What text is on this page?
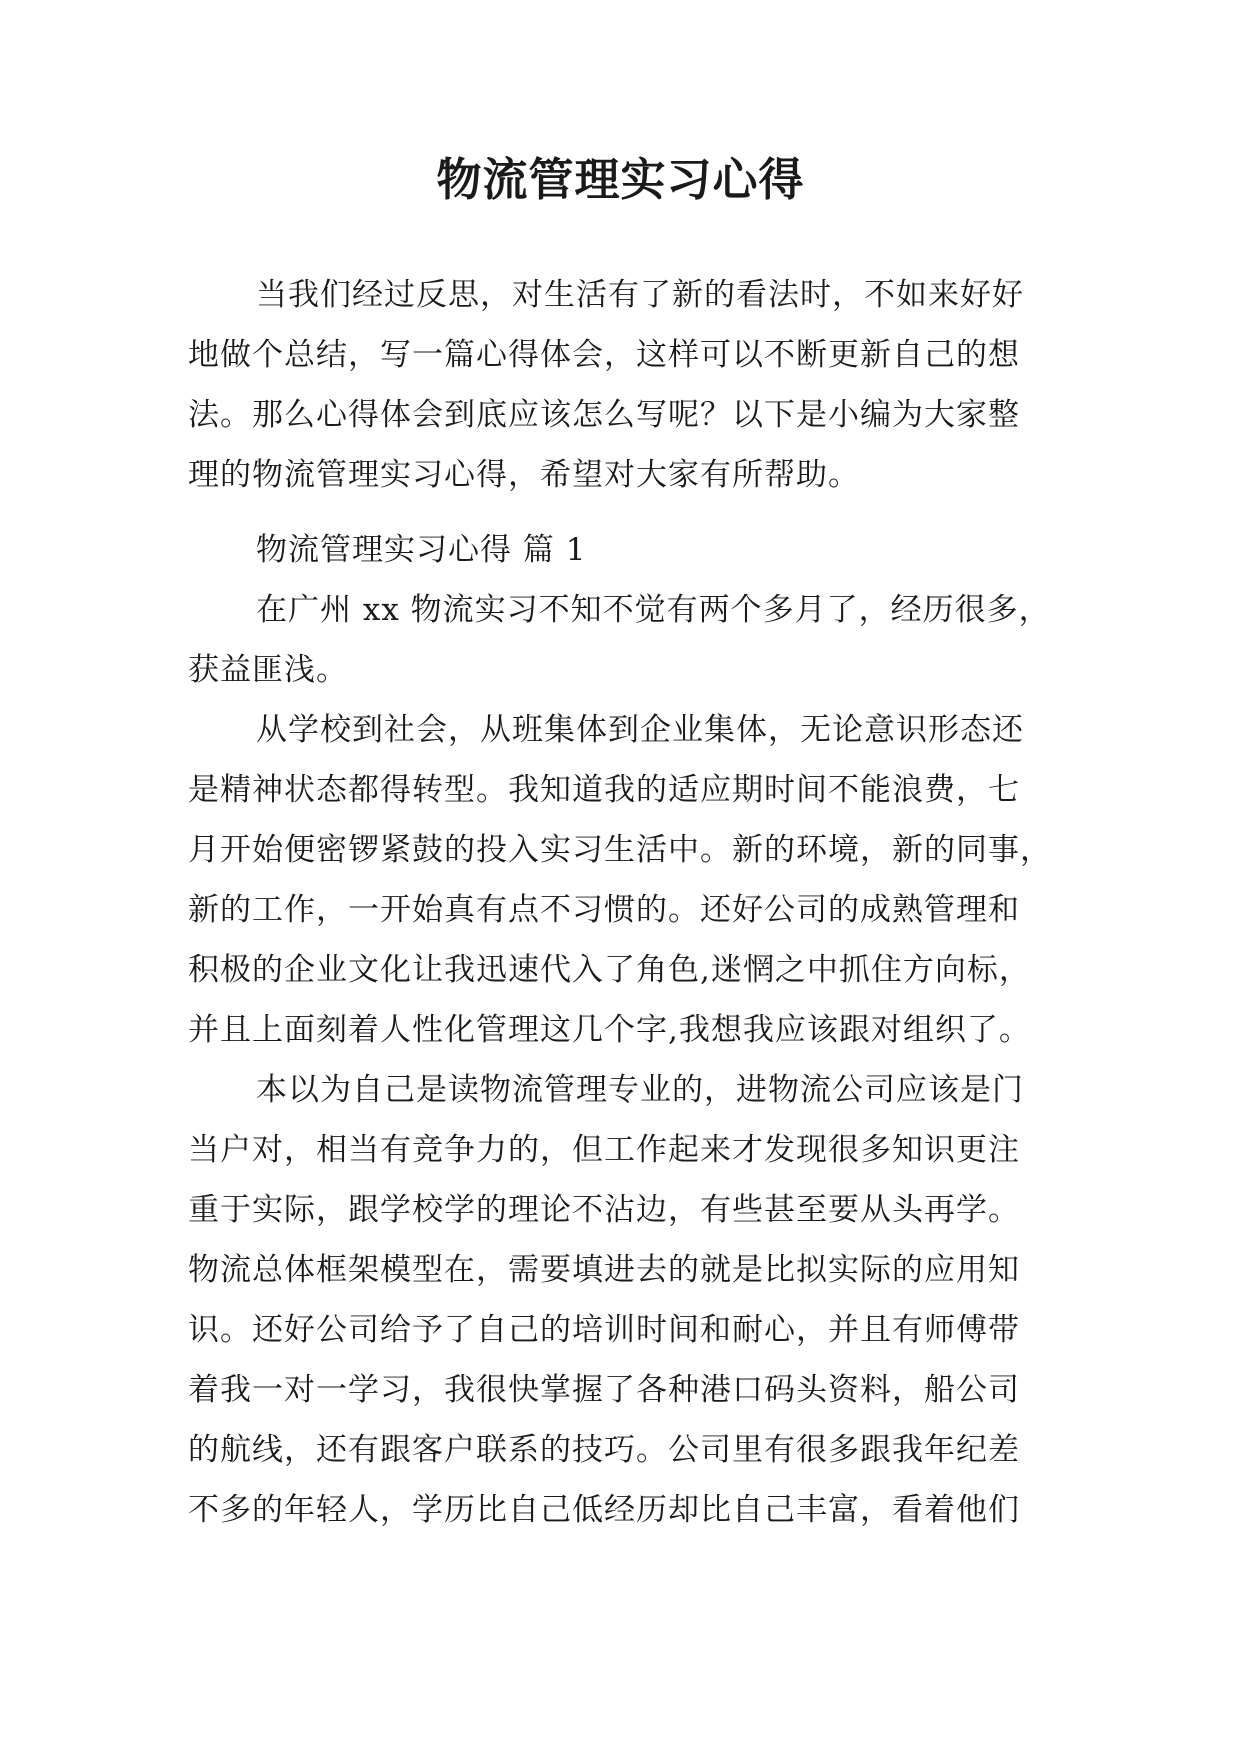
物流管理实习心得
当我们经过反思，对生活有了新的看法时，不如来好好
地做个总结，写一篇心得体会，这样可以不断更新自己的想
法。那么心得体会到底应该怎么写呢？以下是小编为大家整
理的物流管理实习心得，希望对大家有所帮助。
物流管理实习心得 篇 1
在广州 xx 物流实习不知不觉有两个多月了，经历很多，
获益匪浅。
从学校到社会，从班集体到企业集体，无论意识形态还
是精神状态都得转型。我知道我的适应期时间不能浪费，七
月开始便密锣紧鼓的投入实习生活中。新的环境，新的同事，
新的工作，一开始真有点不习惯的。还好公司的成熟管理和
积极的企业文化让我迅速代入了角色,迷惘之中抓住方向标，
并且上面刻着人性化管理这几个字,我想我应该跟对组织了。
本以为自己是读物流管理专业的，进物流公司应该是门
当户对，相当有竞争力的，但工作起来才发现很多知识更注
重于实际，跟学校学的理论不沾边，有些甚至要从头再学。
物流总体框架模型在，需要填进去的就是比拟实际的应用知
识。还好公司给予了自己的培训时间和耐心，并且有师傅带
着我一对一学习，我很快掌握了各种港口码头资料，船公司
的航线，还有跟客户联系的技巧。公司里有很多跟我年纪差
不多的年轻人，学历比自己低经历却比自己丰富，看着他们
